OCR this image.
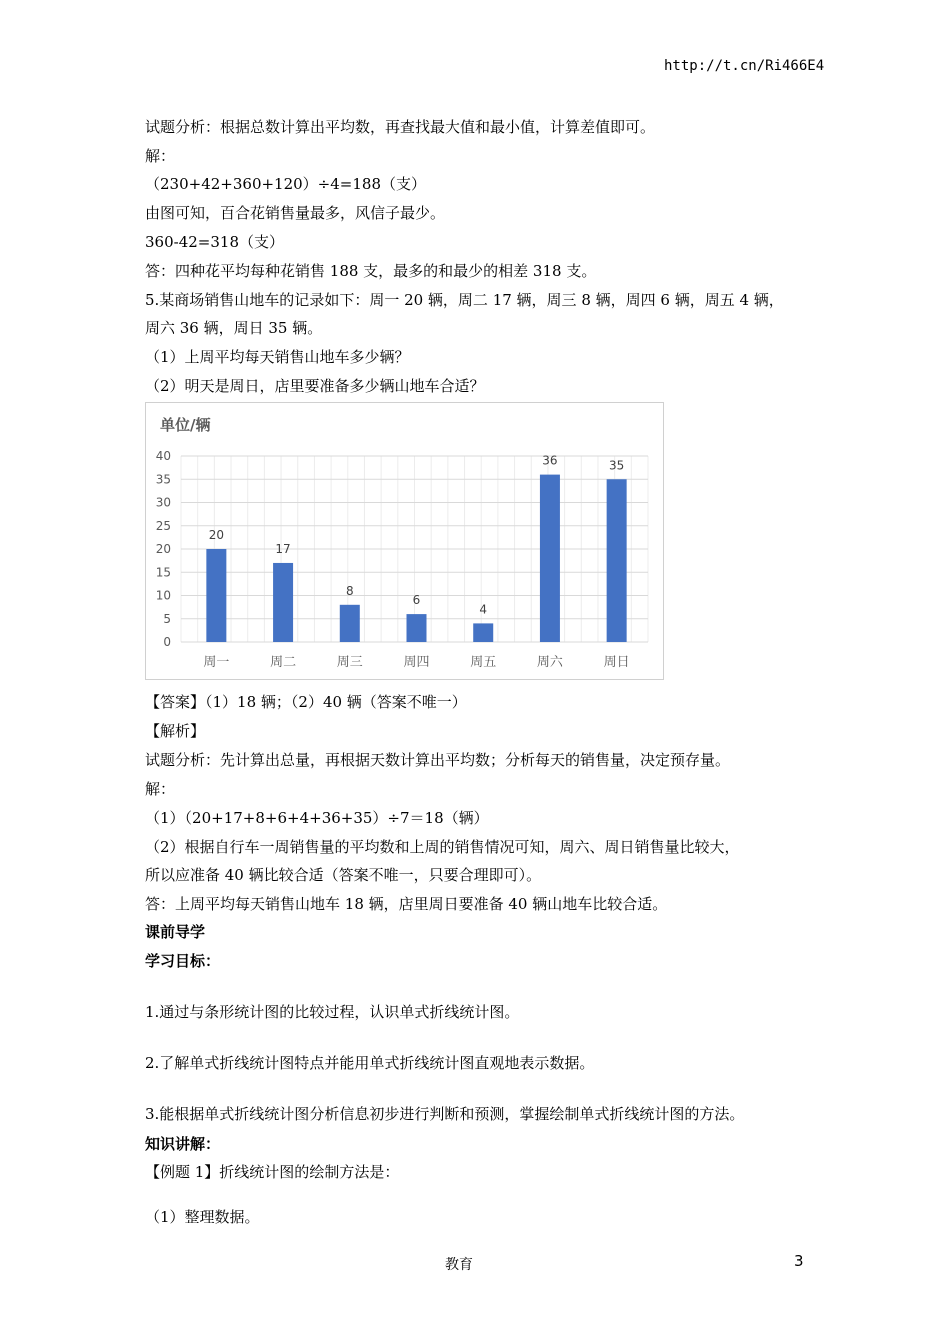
http://t.cn/Ri466E4
试题分析：根据总数计算出平均数，再查找最大值和最小值，计算差值即可。
解：
（230+42+360+120）÷4=188（支）
由图可知，百合花销售量最多，风信子最少。
360-42=318（支）
答：四种花平均每种花销售 188 支，最多的和最少的相差 318 支。
5.某商场销售山地车的记录如下：周一 20 辆，周二 17 辆，周三 8 辆，周四 6 辆，周五 4 辆，
周六 36 辆，周日 35 辆。
（1）上周平均每天销售山地车多少辆？
（2）明天是周日，店里要准备多少辆山地车合适？
单位/辆
0
5
10
15
20
25
30
35
40
20
周一
17
周二
8
周三
6
周四
4
周五
36
周六
35
周日
【答案】（1）18 辆；（2）40 辆（答案不唯一）
【解析】
试题分析：先计算出总量，再根据天数计算出平均数；分析每天的销售量，决定预存量。
解：
（1）（20+17+8+6+4+36+35）÷7＝18（辆）
（2）根据自行车一周销售量的平均数和上周的销售情况可知，周六、周日销售量比较大，
所以应准备 40 辆比较合适（答案不唯一，只要合理即可）。
答：上周平均每天销售山地车 18 辆，店里周日要准备 40 辆山地车比较合适。
课前导学
学习目标：
1.通过与条形统计图的比较过程，认识单式折线统计图。
2.了解单式折线统计图特点并能用单式折线统计图直观地表示数据。
3.能根据单式折线统计图分析信息初步进行判断和预测，掌握绘制单式折线统计图的方法。
知识讲解：
【例题 1】折线统计图的绘制方法是：
（1）整理数据。
教育	3
